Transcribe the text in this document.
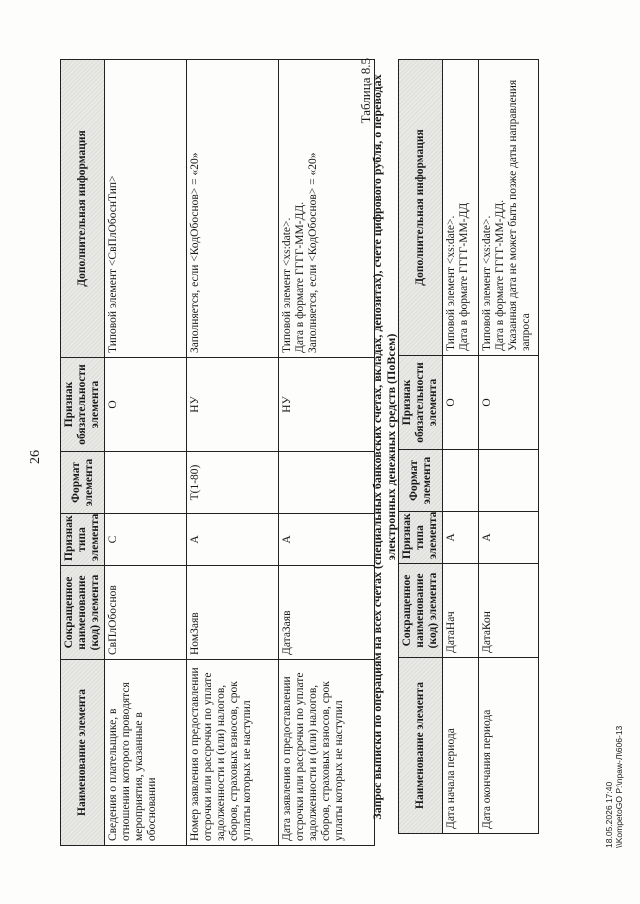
26
Наименование элемента	Сокращенное наименование (код) элемента	Признак типа элемента	Формат элемента	Признак обязательности элемента	Дополнительная информация
Сведения о плательщике, в отношении которого проводятся мероприятия, указанные в обосновании	СвПлОбоснов	С		О	Типовой элемент <СвПлОбоснТип>
Номер заявления о предоставлении отсрочки или рассрочки по уплате задолженности и (или) налогов, сборов, страховых взносов, срок уплаты которых не наступил	НомЗаяв	А	Т(1-80)	НУ	Заполняется, если <КодОбоснов> = «20»
Дата заявления о предоставлении отсрочки или рассрочки по уплате задолженности и (или) налогов, сборов, страховых взносов, срок уплаты которых не наступил	ДатаЗаяв	А		НУ	Типовой элемент <xs:date>.
Дата в формате ГГГГ-ММ-ДД.
Заполняется, если <КодОбоснов> = «20»
Таблица 8.5
Запрос выписки по операциям на всех счетах (специальных банковских счетах, вкладах, депозитах), счете цифрового рубля, о переводах электронных денежных средств (ПоВсем)
Наименование элемента	Сокращенное наименование (код) элемента	Признак типа элемента	Формат элемента	Признак обязательности элемента	Дополнительная информация
Дата начала периода	ДатаНач	А		О	Типовой элемент <xs:date>.
Дата в формате ГГГГ-ММ-ДД
Дата окончания периода	ДатаКон	А		О	Типовой элемент <xs:date>.
Дата в формате ГГГГ-ММ-ДД.
Указанная дата не может быть позже даты направления запроса
18.05.2026 17:40 \\KompetoGO P:\npaw-Л\606-13
